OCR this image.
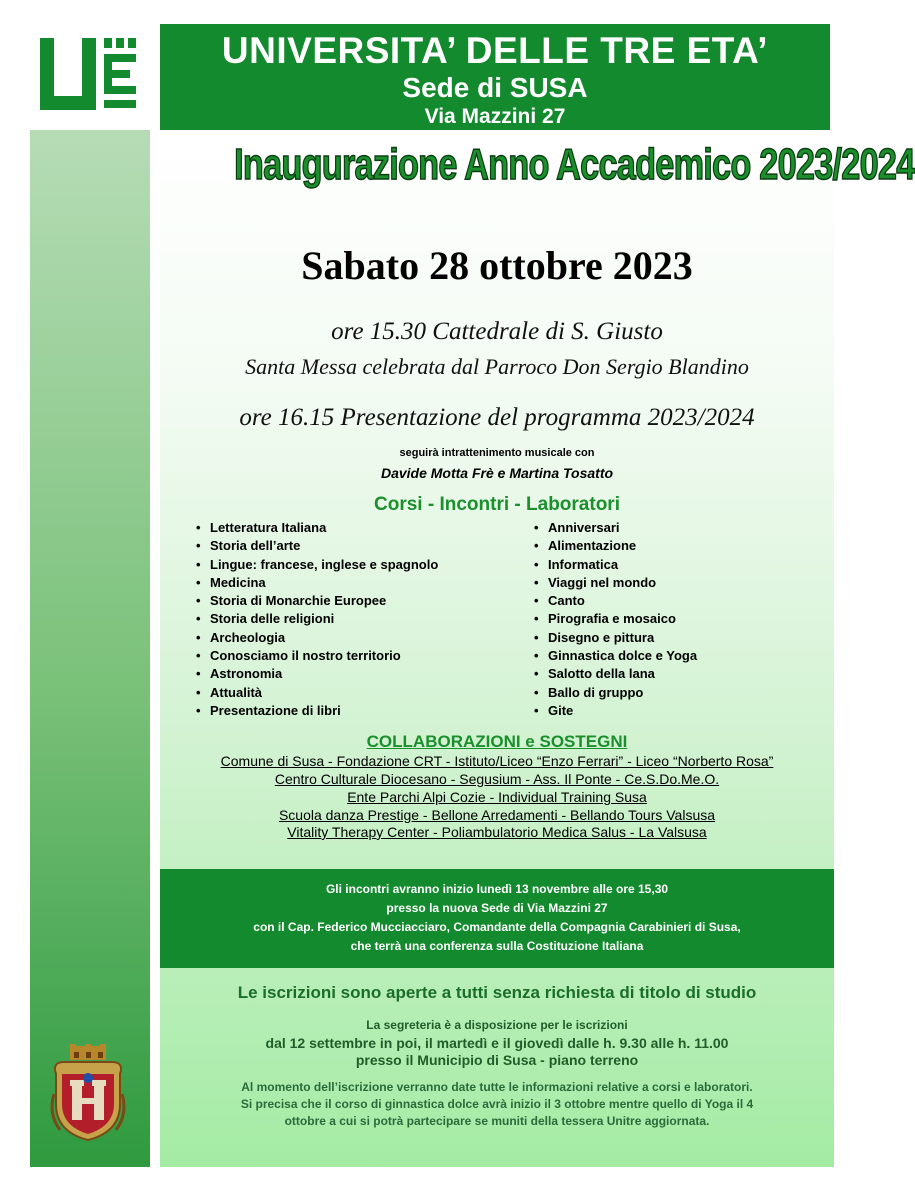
UNIVERSITA’ DELLE TRE ETA’
Sede di SUSA
Via Mazzini 27
Inaugurazione Anno Accademico 2023/2024
Sabato 28 ottobre 2023
ore 15.30 Cattedrale di S. Giusto
Santa Messa celebrata dal Parroco Don Sergio Blandino
ore 16.15 Presentazione del programma 2023/2024
seguirà intrattenimento musicale con
Davide Motta Frè e Martina Tosatto
Corsi - Incontri - Laboratori
• Letteratura Italiana
• Storia dell’arte
• Lingue: francese, inglese e spagnolo
• Medicina
• Storia di Monarchie Europee
• Storia delle religioni
• Archeologia
• Conosciamo il nostro territorio
• Astronomia
• Attualità
• Presentazione di libri
• Anniversari
• Alimentazione
• Informatica
• Viaggi nel mondo
• Canto
• Pirografia e mosaico
• Disegno e pittura
• Ginnastica dolce e Yoga
• Salotto della lana
• Ballo di gruppo
• Gite
COLLABORAZIONI e SOSTEGNI
Comune di Susa - Fondazione CRT - Istituto/Liceo “Enzo Ferrari” - Liceo “Norberto Rosa”
Centro Culturale Diocesano - Segusium - Ass. Il Ponte - Ce.S.Do.Me.O.
Ente Parchi Alpi Cozie - Individual Training Susa
Scuola danza Prestige - Bellone Arredamenti - Bellando Tours Valsusa
Vitality Therapy Center - Poliambulatorio Medica Salus - La Valsusa
Gli incontri avranno inizio lunedì 13 novembre alle ore 15,30
presso la nuova Sede di Via Mazzini 27
con il Cap. Federico Mucciacciaro, Comandante della Compagnia Carabinieri di Susa,
che terrà una conferenza sulla Costituzione Italiana
Le iscrizioni sono aperte a tutti senza richiesta di titolo di studio
La segreteria è a disposizione per le iscrizioni
dal 12 settembre in poi, il martedì e il giovedì dalle h. 9.30 alle h. 11.00
presso il Municipio di Susa - piano terreno
Al momento dell’iscrizione verranno date tutte le informazioni relative a corsi e laboratori.
Si precisa che il corso di ginnastica dolce avrà inizio il 3 ottobre mentre quello di Yoga il 4
ottobre a cui si potrà partecipare se muniti della tessera Unitre aggiornata.
